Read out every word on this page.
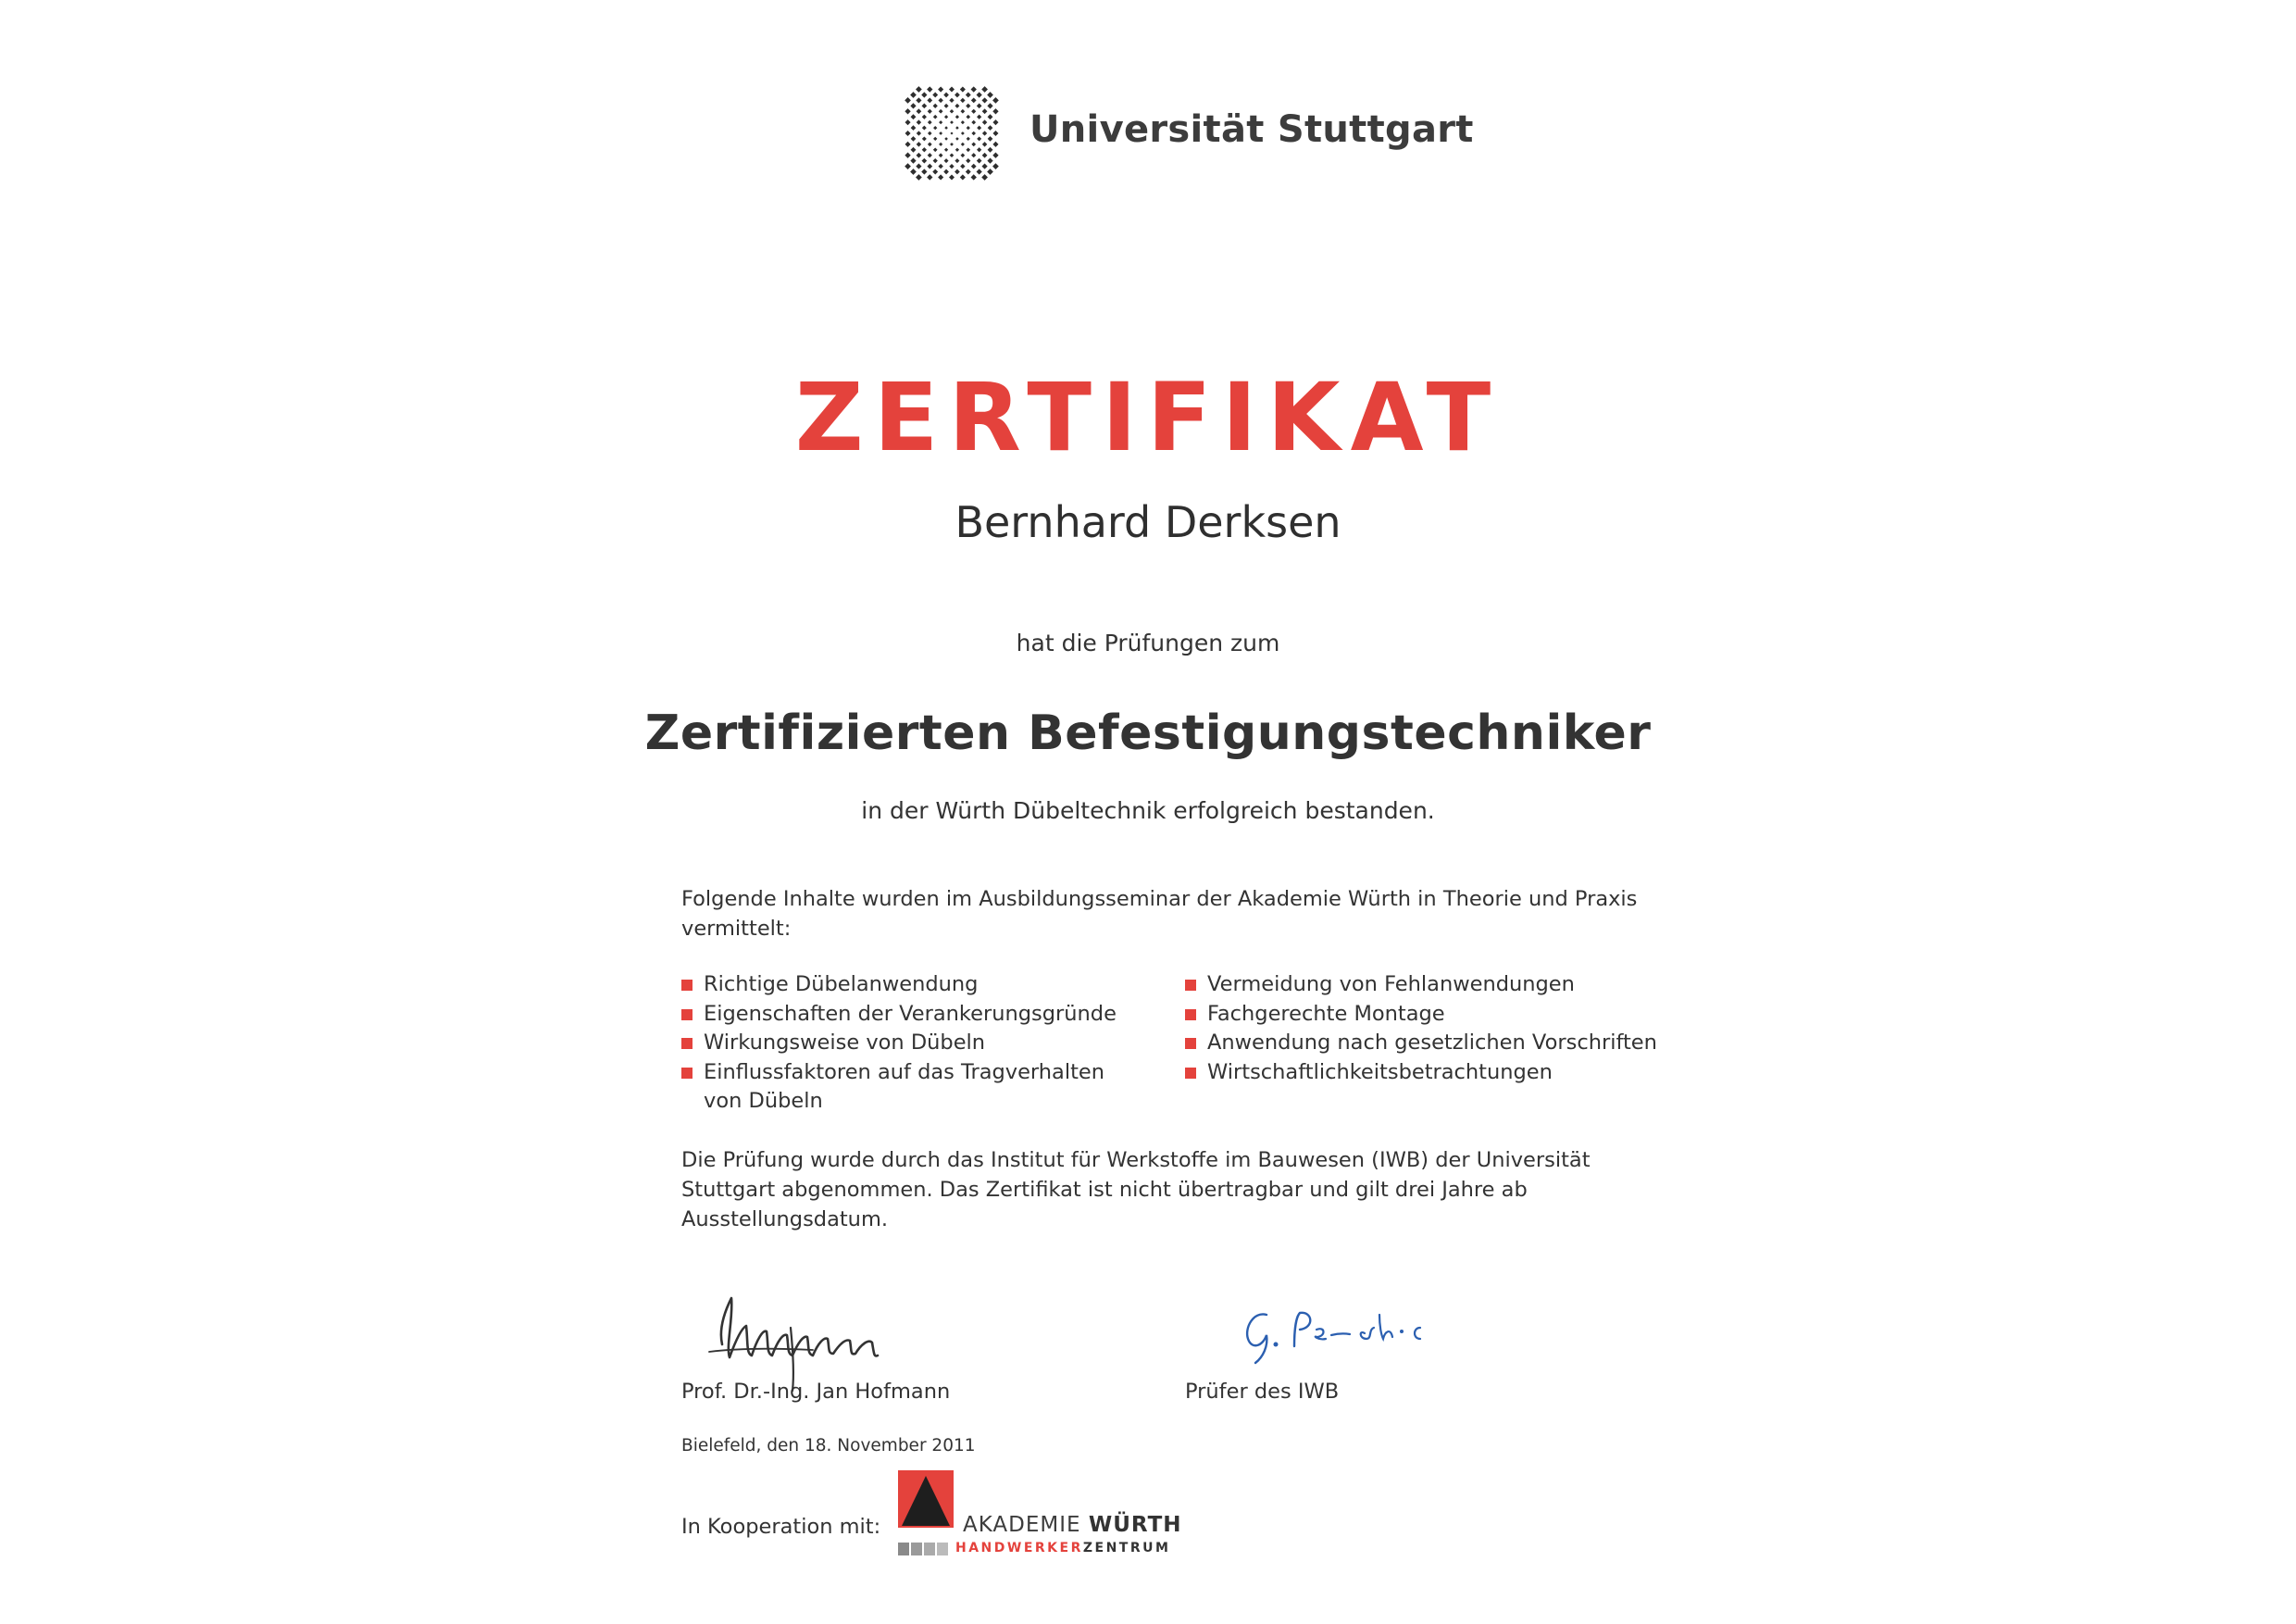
Universität Stuttgart
ZERTIFIKAT
Bernhard Derksen
hat die Prüfungen zum
Zertifizierten Befestigungstechniker
in der Würth Dübeltechnik erfolgreich bestanden.
Folgende Inhalte wurden im Ausbildungsseminar der Akademie Würth in Theorie und Praxis vermittelt:
Richtige Dübelanwendung
Eigenschaften der Verankerungsgründe
Wirkungsweise von Dübeln
Einflussfaktoren auf das Tragverhalten
von Dübeln
Vermeidung von Fehlanwendungen
Fachgerechte Montage
Anwendung nach gesetzlichen Vorschriften
Wirtschaftlichkeitsbetrachtungen
Die Prüfung wurde durch das Institut für Werkstoffe im Bauwesen (IWB) der Universität Stuttgart abgenommen. Das Zertifikat ist nicht übertragbar und gilt drei Jahre ab Ausstellungsdatum.
Prof. Dr.-Ing. Jan Hofmann	Prüfer des IWB
Bielefeld, den 18. November 2011
In Kooperation mit:	AKADEMIE WÜRTH
HANDWERKERZENTRUM
